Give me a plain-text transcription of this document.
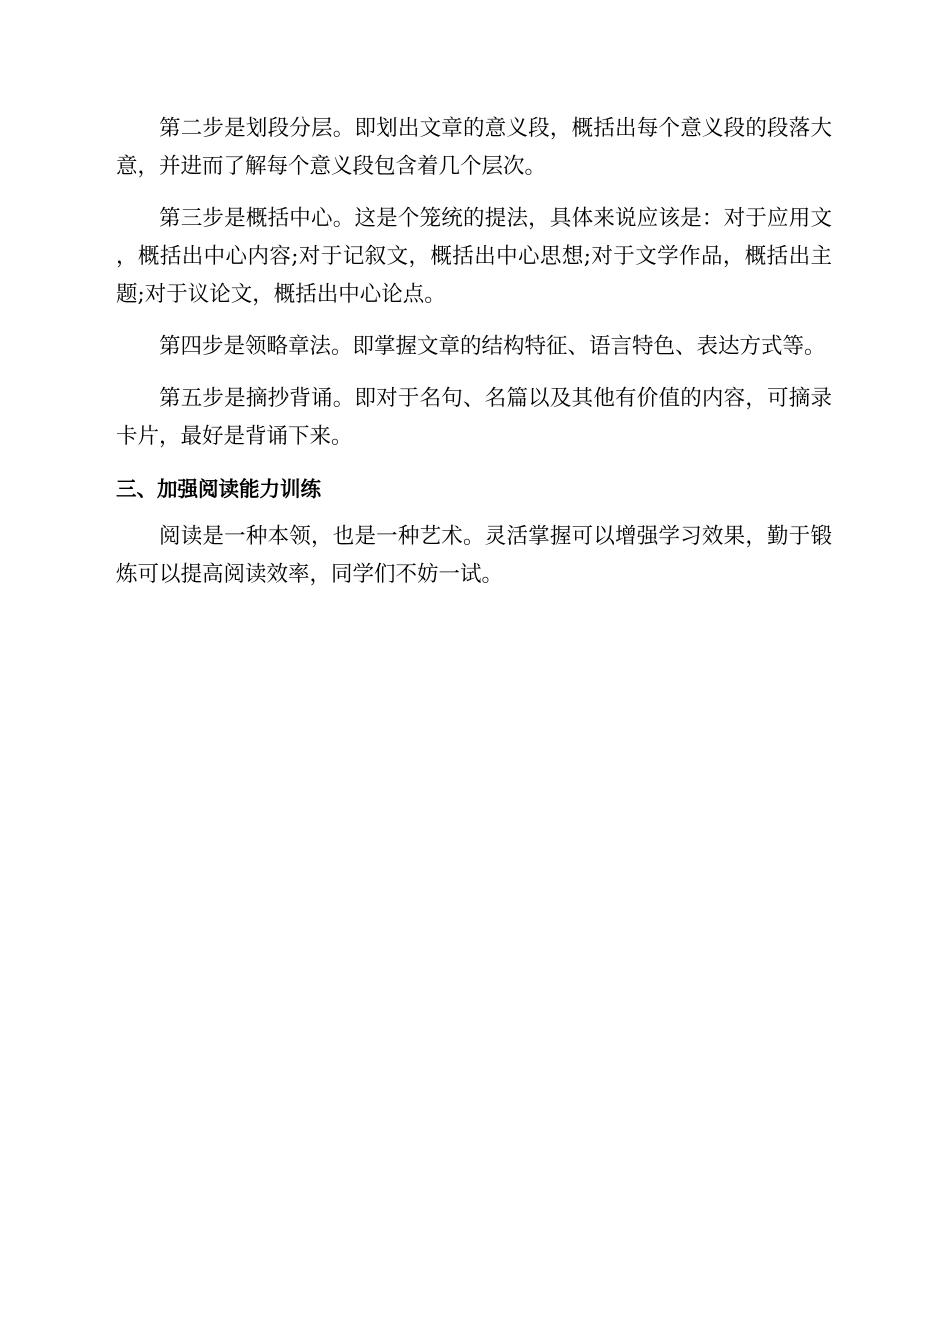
第二步是划段分层。即划出文章的意义段，概括出每个意义段的段落大意，并进而了解每个意义段包含着几个层次。

第三步是概括中心。这是个笼统的提法，具体来说应该是：对于应用文，概括出中心内容;对于记叙文，概括出中心思想;对于文学作品，概括出主题;对于议论文，概括出中心论点。

第四步是领略章法。即掌握文章的结构特征、语言特色、表达方式等。

第五步是摘抄背诵。即对于名句、名篇以及其他有价值的内容，可摘录卡片，最好是背诵下来。

三、加强阅读能力训练

阅读是一种本领，也是一种艺术。灵活掌握可以增强学习效果，勤于锻炼可以提高阅读效率，同学们不妨一试。
